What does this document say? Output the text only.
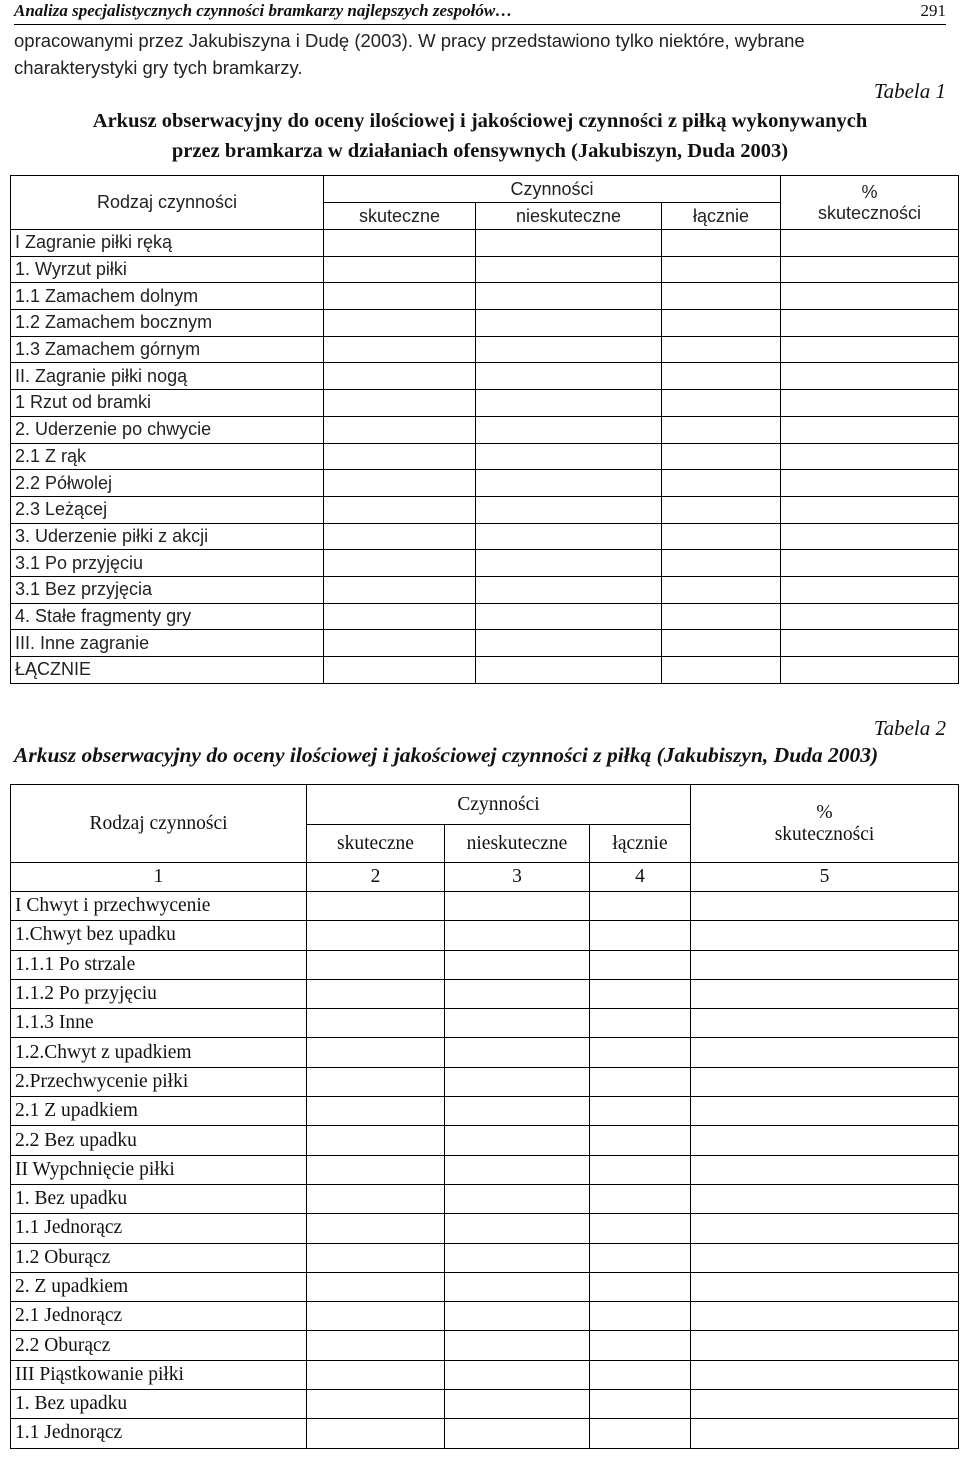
Analiza specjalistycznych czynności bramkarzy najlepszych zespołów…	291
opracowanymi przez Jakubiszyna i Dudę (2003). W pracy przedstawiono tylko niektóre, wybrane
charakterystyki gry tych bramkarzy.
Tabela 1
Arkusz obserwacyjny do oceny ilościowej i jakościowej czynności z piłką wykonywanych
przez bramkarza w działaniach ofensywnych (Jakubiszyn, Duda 2003)
Rodzaj czynności	Czynności			%
skuteczności

	skuteczne	nieskuteczne	łącznie	
I Zagranie piłki ręką				
1. Wyrzut piłki				
1.1 Zamachem dolnym				
1.2 Zamachem bocznym				
1.3 Zamachem górnym				
II. Zagranie piłki nogą				
1 Rzut od bramki				
2. Uderzenie po chwycie				
2.1 Z rąk				
2.2 Półwolej				
2.3 Leżącej				
3. Uderzenie piłki z akcji				
3.1 Po przyjęciu				
3.1 Bez przyjęcia				
4. Stałe fragmenty gry				
III. Inne zagranie				
ŁĄCZNIE				
Tabela 2
Arkusz obserwacyjny do oceny ilościowej i jakościowej czynności z piłką (Jakubiszyn, Duda 2003)
Rodzaj czynności	Czynności			%
skuteczności

	skuteczne	nieskuteczne	łącznie	
1	2	3	4	5
I Chwyt i przechwycenie				
1.Chwyt bez upadku				
1.1.1 Po strzale				
1.1.2 Po przyjęciu				
1.1.3 Inne				
1.2.Chwyt z upadkiem				
2.Przechwycenie piłki				
2.1 Z upadkiem				
2.2 Bez upadku				
II Wypchnięcie piłki				
1. Bez upadku				
1.1 Jednorącz				
1.2 Oburącz				
2. Z upadkiem				
2.1 Jednorącz				
2.2 Oburącz				
III Piąstkowanie piłki				
1. Bez upadku				
1.1 Jednorącz				
